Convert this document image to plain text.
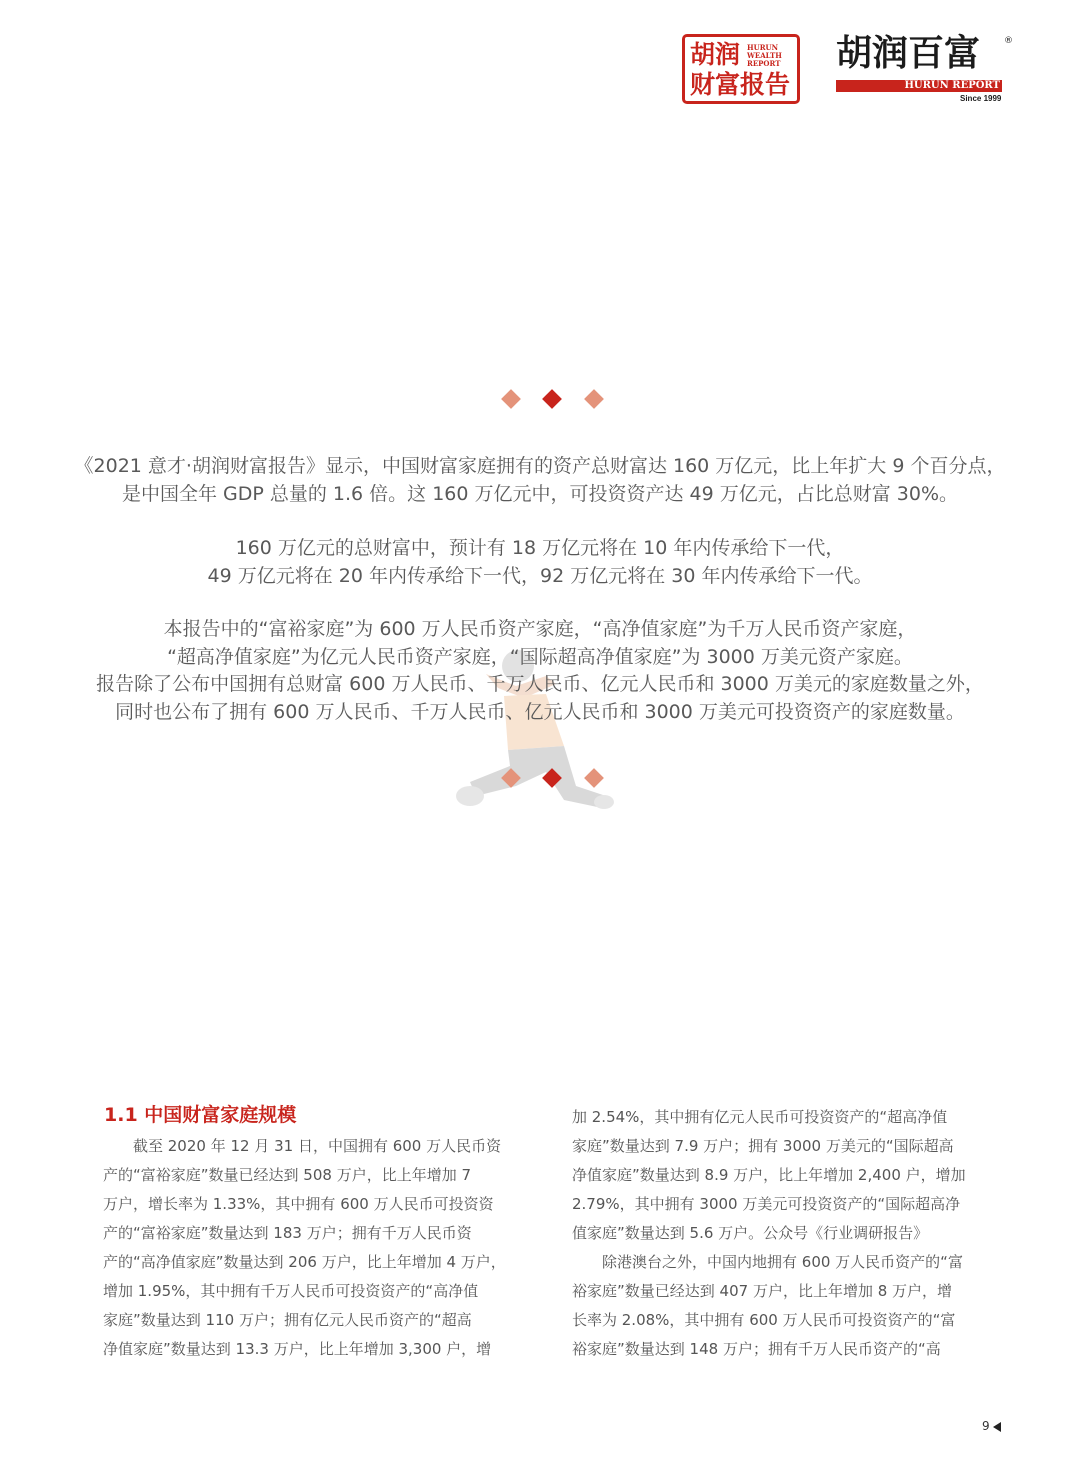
胡润
财富报告
HURUN
WEALTH
REPORT	胡润百富	®
HURUN REPORT
Since 1999

《2021 意才·胡润财富报告》显示，中国财富家庭拥有的资产总财富达 160 万亿元，比上年扩大 9 个百分点，

是中国全年 GDP 总量的 1.6 倍。这 160 万亿元中，可投资资产达 49 万亿元，占比总财富 30%。

160 万亿元的总财富中，预计有 18 万亿元将在 10 年内传承给下一代，

49 万亿元将在 20 年内传承给下一代，92 万亿元将在 30 年内传承给下一代。

本报告中的“富裕家庭”为 600 万人民币资产家庭，“高净值家庭”为千万人民币资产家庭，

“超高净值家庭”为亿元人民币资产家庭，“国际超高净值家庭”为 3000 万美元资产家庭。

报告除了公布中国拥有总财富 600 万人民币、千万人民币、亿元人民币和 3000 万美元的家庭数量之外，

同时也公布了拥有 600 万人民币、千万人民币、亿元人民币和 3000 万美元可投资资产的家庭数量。

1.1 中国财富家庭规模

截至 2020 年 12 月 31 日，中国拥有 600 万人民币资

产的“富裕家庭”数量已经达到 508 万户，比上年增加 7

万户，增长率为 1.33%，其中拥有 600 万人民币可投资资

产的“富裕家庭”数量达到 183 万户；拥有千万人民币资

产的“高净值家庭”数量达到 206 万户，比上年增加 4 万户，

增加 1.95%，其中拥有千万人民币可投资资产的“高净值

家庭”数量达到 110 万户；拥有亿元人民币资产的“超高

净值家庭”数量达到 13.3 万户，比上年增加 3,300 户，增

加 2.54%，其中拥有亿元人民币可投资资产的“超高净值

家庭”数量达到 7.9 万户；拥有 3000 万美元的“国际超高

净值家庭”数量达到 8.9 万户，比上年增加 2,400 户，增加

2.79%，其中拥有 3000 万美元可投资资产的“国际超高净

值家庭”数量达到 5.6 万户。公众号《行业调研报告》

除港澳台之外，中国内地拥有 600 万人民币资产的“富

裕家庭”数量已经达到 407 万户，比上年增加 8 万户，增

长率为 2.08%，其中拥有 600 万人民币可投资资产的“富

裕家庭”数量达到 148 万户；拥有千万人民币资产的“高

9
